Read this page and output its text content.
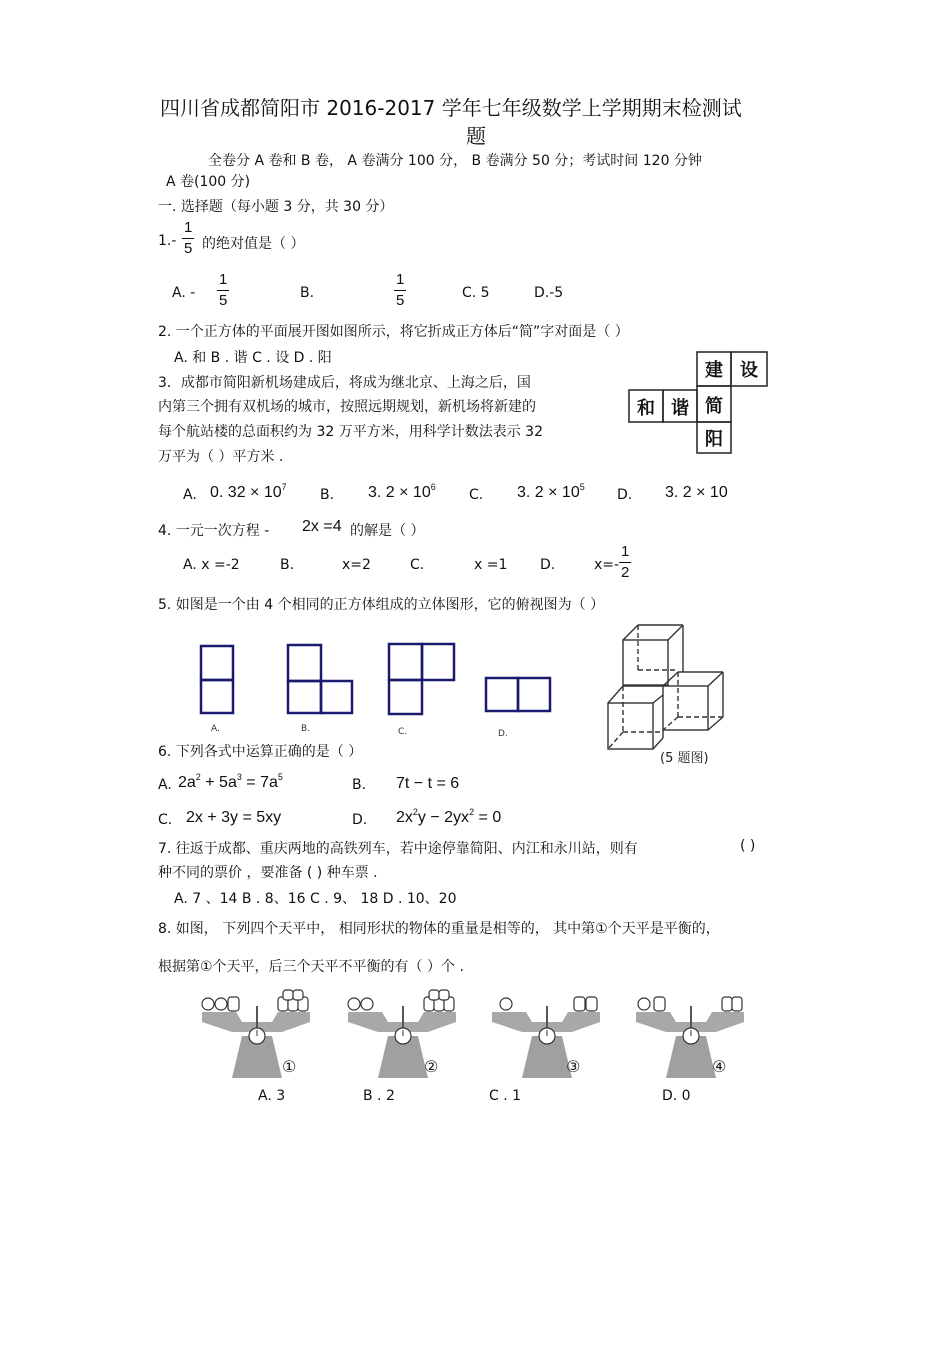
四川省成都简阳市 2016-2017 学年七年级数学上学期期末检测试
题
全卷分 A 卷和 B 卷， A 卷满分 100 分， B 卷满分 50 分；考试时间 120 分钟
A 卷(100 分)
一. 选择题（每小题 3 分，共 30 分）
$1.- \frac{1}{5}$ 的绝对值是（ ）
A. - $\frac{1}{5}$	B.	$\frac{1}{5}$	C. 5	D.-5
2. 一个正方体的平面展开图如图所示，将它折成正方体后“简”字对面是（ ）
A. 和 B . 谐 C . 设 D . 阳
建 设
和 谐 简
阳
3．成都市简阳新机场建成后，将成为继北京、上海之后，国
内第三个拥有双机场的城市，按照远期规划，新机场将新建的
每个航站楼的总面积约为 32 万平方米，用科学计数法表示 32
万平为（ ）平方米 .
A. 0. $32 \times 10^7$ B. 3. $2 \times 10^6$ C. 3. $2 \times 10^5$ D. 3. 2 × 10
4. 一元一次方程 - 2x =4 的解是（ ）
A. x =-2	B.	x=2	C.	x =1 D.	$x=- \frac{1}{2}$
5. 如图是一个由 4 个相同的正方体组成的立体图形，它的俯视图为（ ）
A.	B.	C.	D.
(5 题图)
6. 下列各式中运算正确的是（ ）
A. $2a^2 + 5a^3 = 7a^5$	B. 7t − t = 6
C. 2x + 3y = 5xy	D. $2x^2y - 2yx^2 = 0$
7. 往返于成都、重庆两地的高铁列车，若中途停靠简阳、内江和永川站，则有	( )
种不同的票价 ，要准备 ( ) 种车票 .
A. 7 、14 B . 8、16 C . 9、 18 D . 10、20
8. 如图， 下列四个天平中， 相同形状的物体的重量是相等的， 其中第①个天平是平衡的，
根据第①个天平，后三个天平不平衡的有（ ）个 .
①	②	③	④
A. 3	B . 2	C . 1	D. 0
